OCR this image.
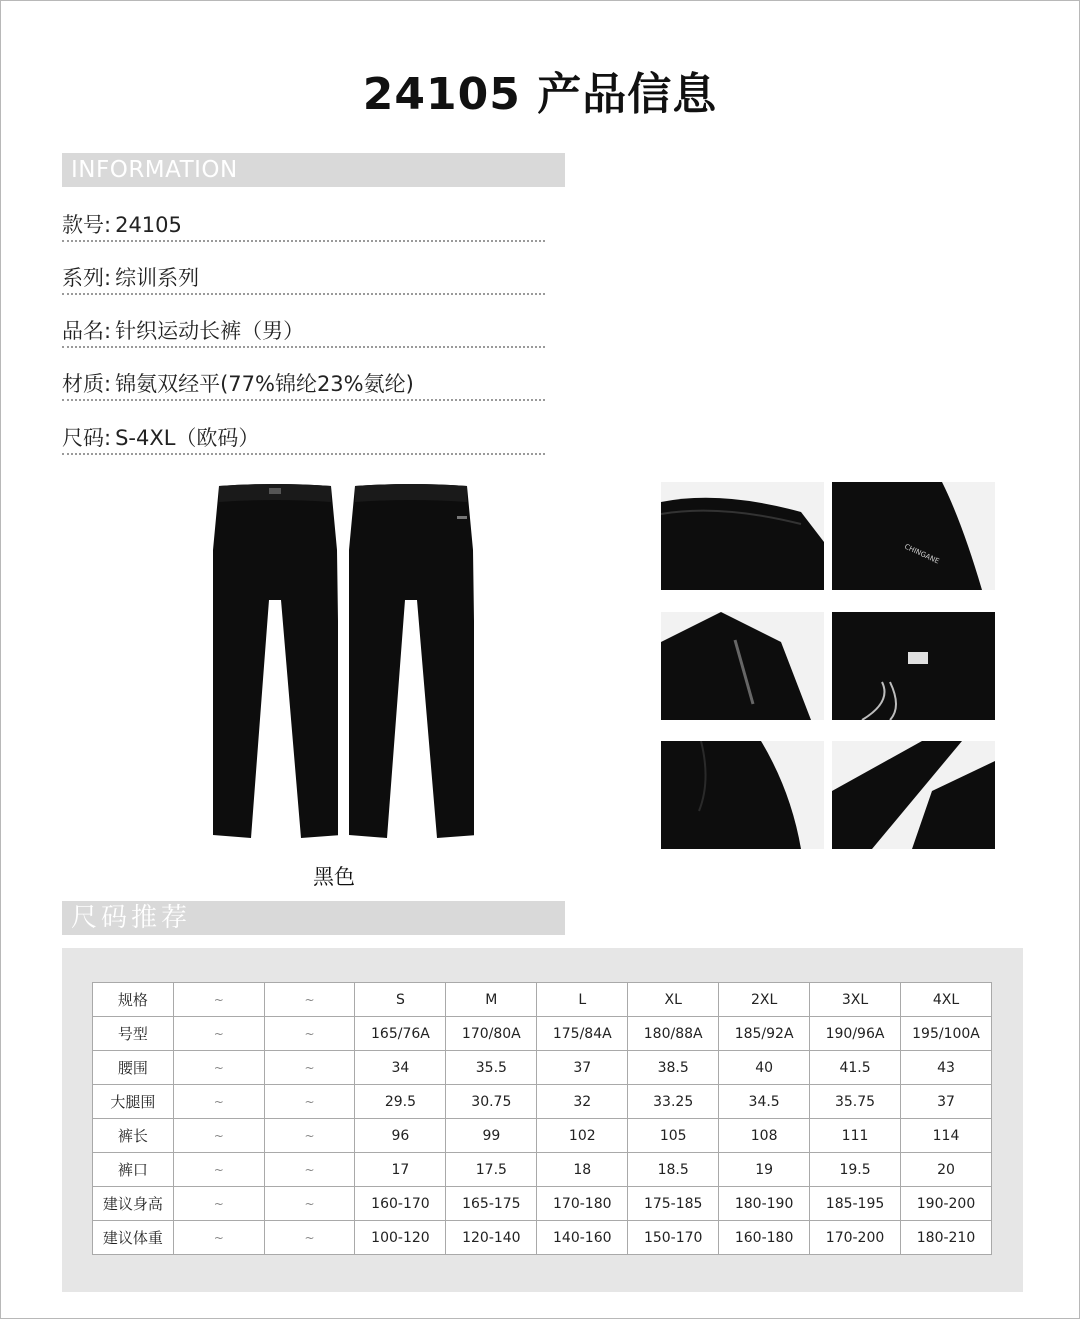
24105 产品信息
INFORMATION
款号: 24105
系列: 综训系列
品名: 针织运动长裤（男）
材质: 锦氨双经平(77%锦纶23%氨纶)
尺码: S-4XL（欧码）
黑色
CHINGANE
尺码推荐
规格	~	~	S	M	L	XL	2XL	3XL	4XL
号型	~	~	165/76A	170/80A	175/84A	180/88A	185/92A	190/96A	195/100A
腰围	~	~	34	35.5	37	38.5	40	41.5	43
大腿围	~	~	29.5	30.75	32	33.25	34.5	35.75	37
裤长	~	~	96	99	102	105	108	111	114
裤口	~	~	17	17.5	18	18.5	19	19.5	20
建议身高	~	~	160-170	165-175	170-180	175-185	180-190	185-195	190-200
建议体重	~	~	100-120	120-140	140-160	150-170	160-180	170-200	180-210
